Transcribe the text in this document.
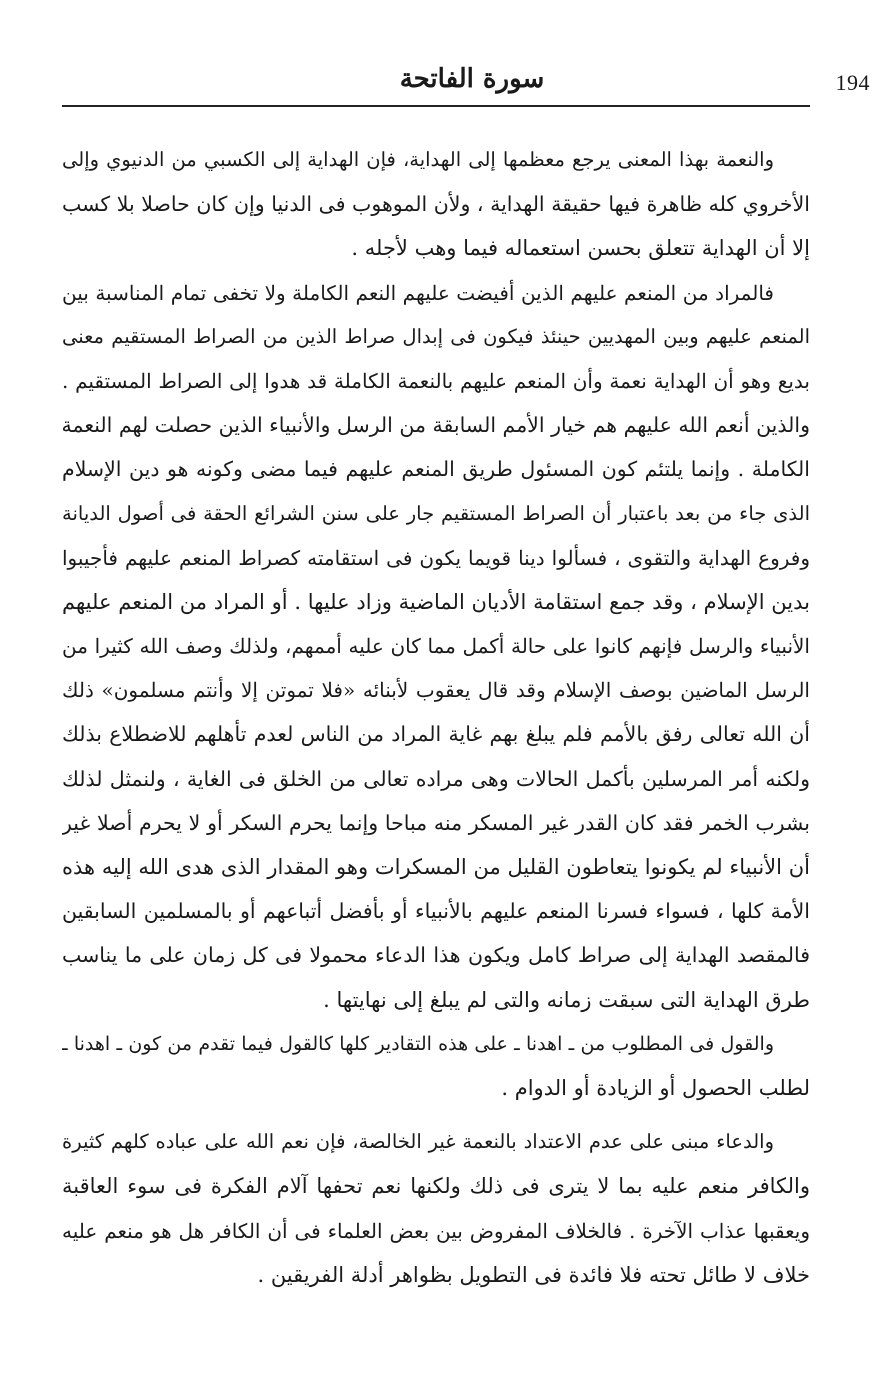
194
سورة الفاتحة
والنعمة بهذا المعنى يرجع معظمها إلى الهداية، فإن الهداية إلى الكسبي من الدنيوي وإلى
الأخروي كله ظاهرة فيها حقيقة الهداية ، ولأن الموهوب فى الدنيا وإن كان حاصلا بلا كسب
إلا أن الهداية تتعلق بحسن استعماله فيما وهب لأجله .
فالمراد من المنعم عليهم الذين أفيضت عليهم النعم الكاملة ولا تخفى تمام المناسبة بين
المنعم عليهم وبين المهديين حينئذ فيكون فى إبدال صراط الذين من الصراط المستقيم معنى
بديع وهو أن الهداية نعمة وأن المنعم عليهم بالنعمة الكاملة قد هدوا إلى الصراط المستقيم .
والذين أنعم الله عليهم هم خيار الأمم السابقة من الرسل والأنبياء الذين حصلت لهم النعمة
الكاملة . وإنما يلتئم كون المسئول طريق المنعم عليهم فيما مضى وكونه هو دين الإسلام
الذى جاء من بعد باعتبار أن الصراط المستقيم جار على سنن الشرائع الحقة فى أصول الديانة
وفروع الهداية والتقوى ، فسألوا دينا قويما يكون فى استقامته كصراط المنعم عليهم فأجيبوا
بدين الإسلام ، وقد جمع استقامة الأديان الماضية وزاد عليها . أو المراد من المنعم عليهم
الأنبياء والرسل فإنهم كانوا على حالة أكمل مما كان عليه أممهم، ولذلك وصف الله كثيرا من
الرسل الماضين بوصف الإسلام وقد قال يعقوب لأبنائه «فلا تموتن إلا وأنتم مسلمون» ذلك
أن الله تعالى رفق بالأمم فلم يبلغ بهم غاية المراد من الناس لعدم تأهلهم للاضطلاع بذلك
ولكنه أمر المرسلين بأكمل الحالات وهى مراده تعالى من الخلق فى الغاية ، ولنمثل لذلك
بشرب الخمر فقد كان القدر غير المسكر منه مباحا وإنما يحرم السكر أو لا يحرم أصلا غير
أن الأنبياء لم يكونوا يتعاطون القليل من المسكرات وهو المقدار الذى هدى الله إليه هذه
الأمة كلها ، فسواء فسرنا المنعم عليهم بالأنبياء أو بأفضل أتباعهم أو بالمسلمين السابقين
فالمقصد الهداية إلى صراط كامل ويكون هذا الدعاء محمولا فى كل زمان على ما يناسب
طرق الهداية التى سبقت زمانه والتى لم يبلغ إلى نهايتها .
والقول فى المطلوب من ـ اهدنا ـ على هذه التقادير كلها كالقول فيما تقدم من كون ـ اهدنا ـ
لطلب الحصول أو الزيادة أو الدوام .
والدعاء مبنى على عدم الاعتداد بالنعمة غير الخالصة، فإن نعم الله على عباده كلهم كثيرة
والكافر منعم عليه بما لا يترى فى ذلك ولكنها نعم تحفها آلام الفكرة فى سوء العاقبة
ويعقبها عذاب الآخرة . فالخلاف المفروض بين بعض العلماء فى أن الكافر هل هو منعم عليه
خلاف لا طائل تحته فلا فائدة فى التطويل بظواهر أدلة الفريقين .
